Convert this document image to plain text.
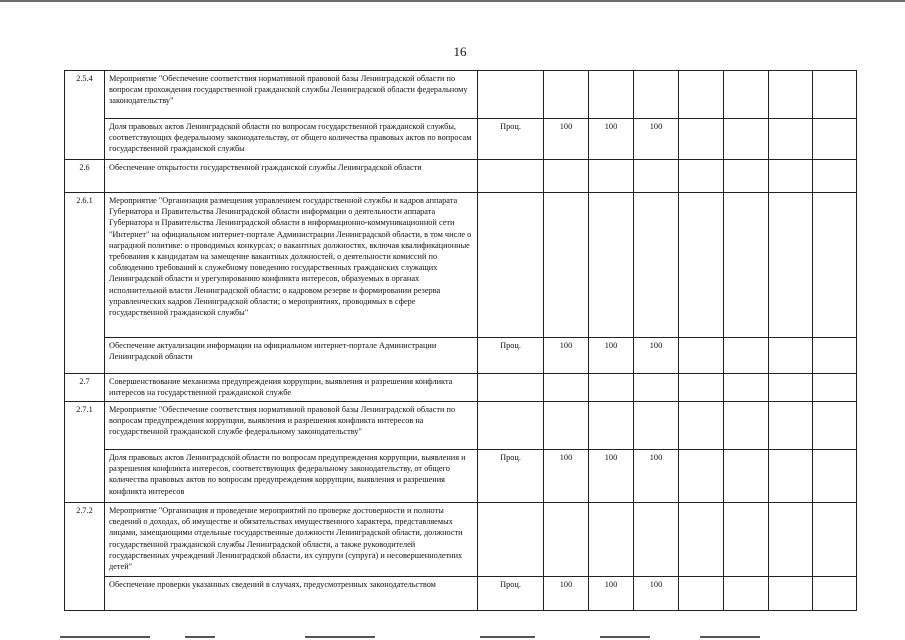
16
2.5.4	Мероприятие "Обеспечение соответствия нормативной правовой базы Ленинградской области по вопросам прохождения государственной гражданской службы Ленинградской области федеральному законодательству"								
	Доля правовых актов Ленинградской области по вопросам государственной гражданской службы, соответствующих федеральному законодательству, от общего количества правовых актов по вопросам государственной гражданской службы	Проц.	100	100	100				
2.6	Обеспечение открытости государственной гражданской службы Ленинградской области								
2.6.1	Мероприятие "Организация размещения управлением государственной службы и кадров аппарата Губернатора и Правительства Ленинградской области информации о деятельности аппарата Губернатора и Правительства Ленинградской области в информационно-коммуникационной сети "Интернет" на официальном интернет-портале Администрации Ленинградской области, в том числе о наградной политике: о проводимых конкурсах; о вакантных должностях, включая квалификационные требования к кандидатам на замещение вакантных должностей, о деятельности комиссий по соблюдению требований к служебному поведению государственных гражданских служащих Ленинградской области и урегулированию конфликта интересов, образуемых в органах исполнительной власти Ленинградской области; о кадровом резерве и формировании резерва управленческих кадров Ленинградской области; о мероприятиях, проводимых в сфере государственной гражданской службы"								
	Обеспечение актуализации информации на официальном интернет-портале Администрации Ленинградской области	Проц.	100	100	100				
2.7	Совершенствование механизма предупреждения коррупции, выявления и разрешения конфликта интересов на государственной гражданской службе								
2.7.1	Мероприятие "Обеспечение соответствия нормативной правовой базы Ленинградской области по вопросам предупреждения коррупции, выявления и разрешения конфликта интересов на государственной гражданской службе федеральному законодательству"								
	Доля правовых актов Ленинградской области по вопросам предупреждения коррупции, выявления и разрешения конфликта интересов, соответствующих федеральному законодательству, от общего количества правовых актов по вопросам предупреждения коррупции, выявления и разрешения конфликта интересов	Проц.	100	100	100				
2.7.2	Мероприятие "Организация и проведение мероприятий по проверке достоверности и полноты сведений о доходах, об имуществе и обязательствах имущественного характера, представляемых лицами, замещающими отдельные государственные должности Ленинградской области, должности государственной гражданской службы Ленинградской области, а также руководителей государственных учреждений Ленинградской области, их супруги (супруга) и несовершеннолетних детей"								
	Обеспечение проверки указанных сведений в случаях, предусмотренных законодательством	Проц.	100	100	100				
